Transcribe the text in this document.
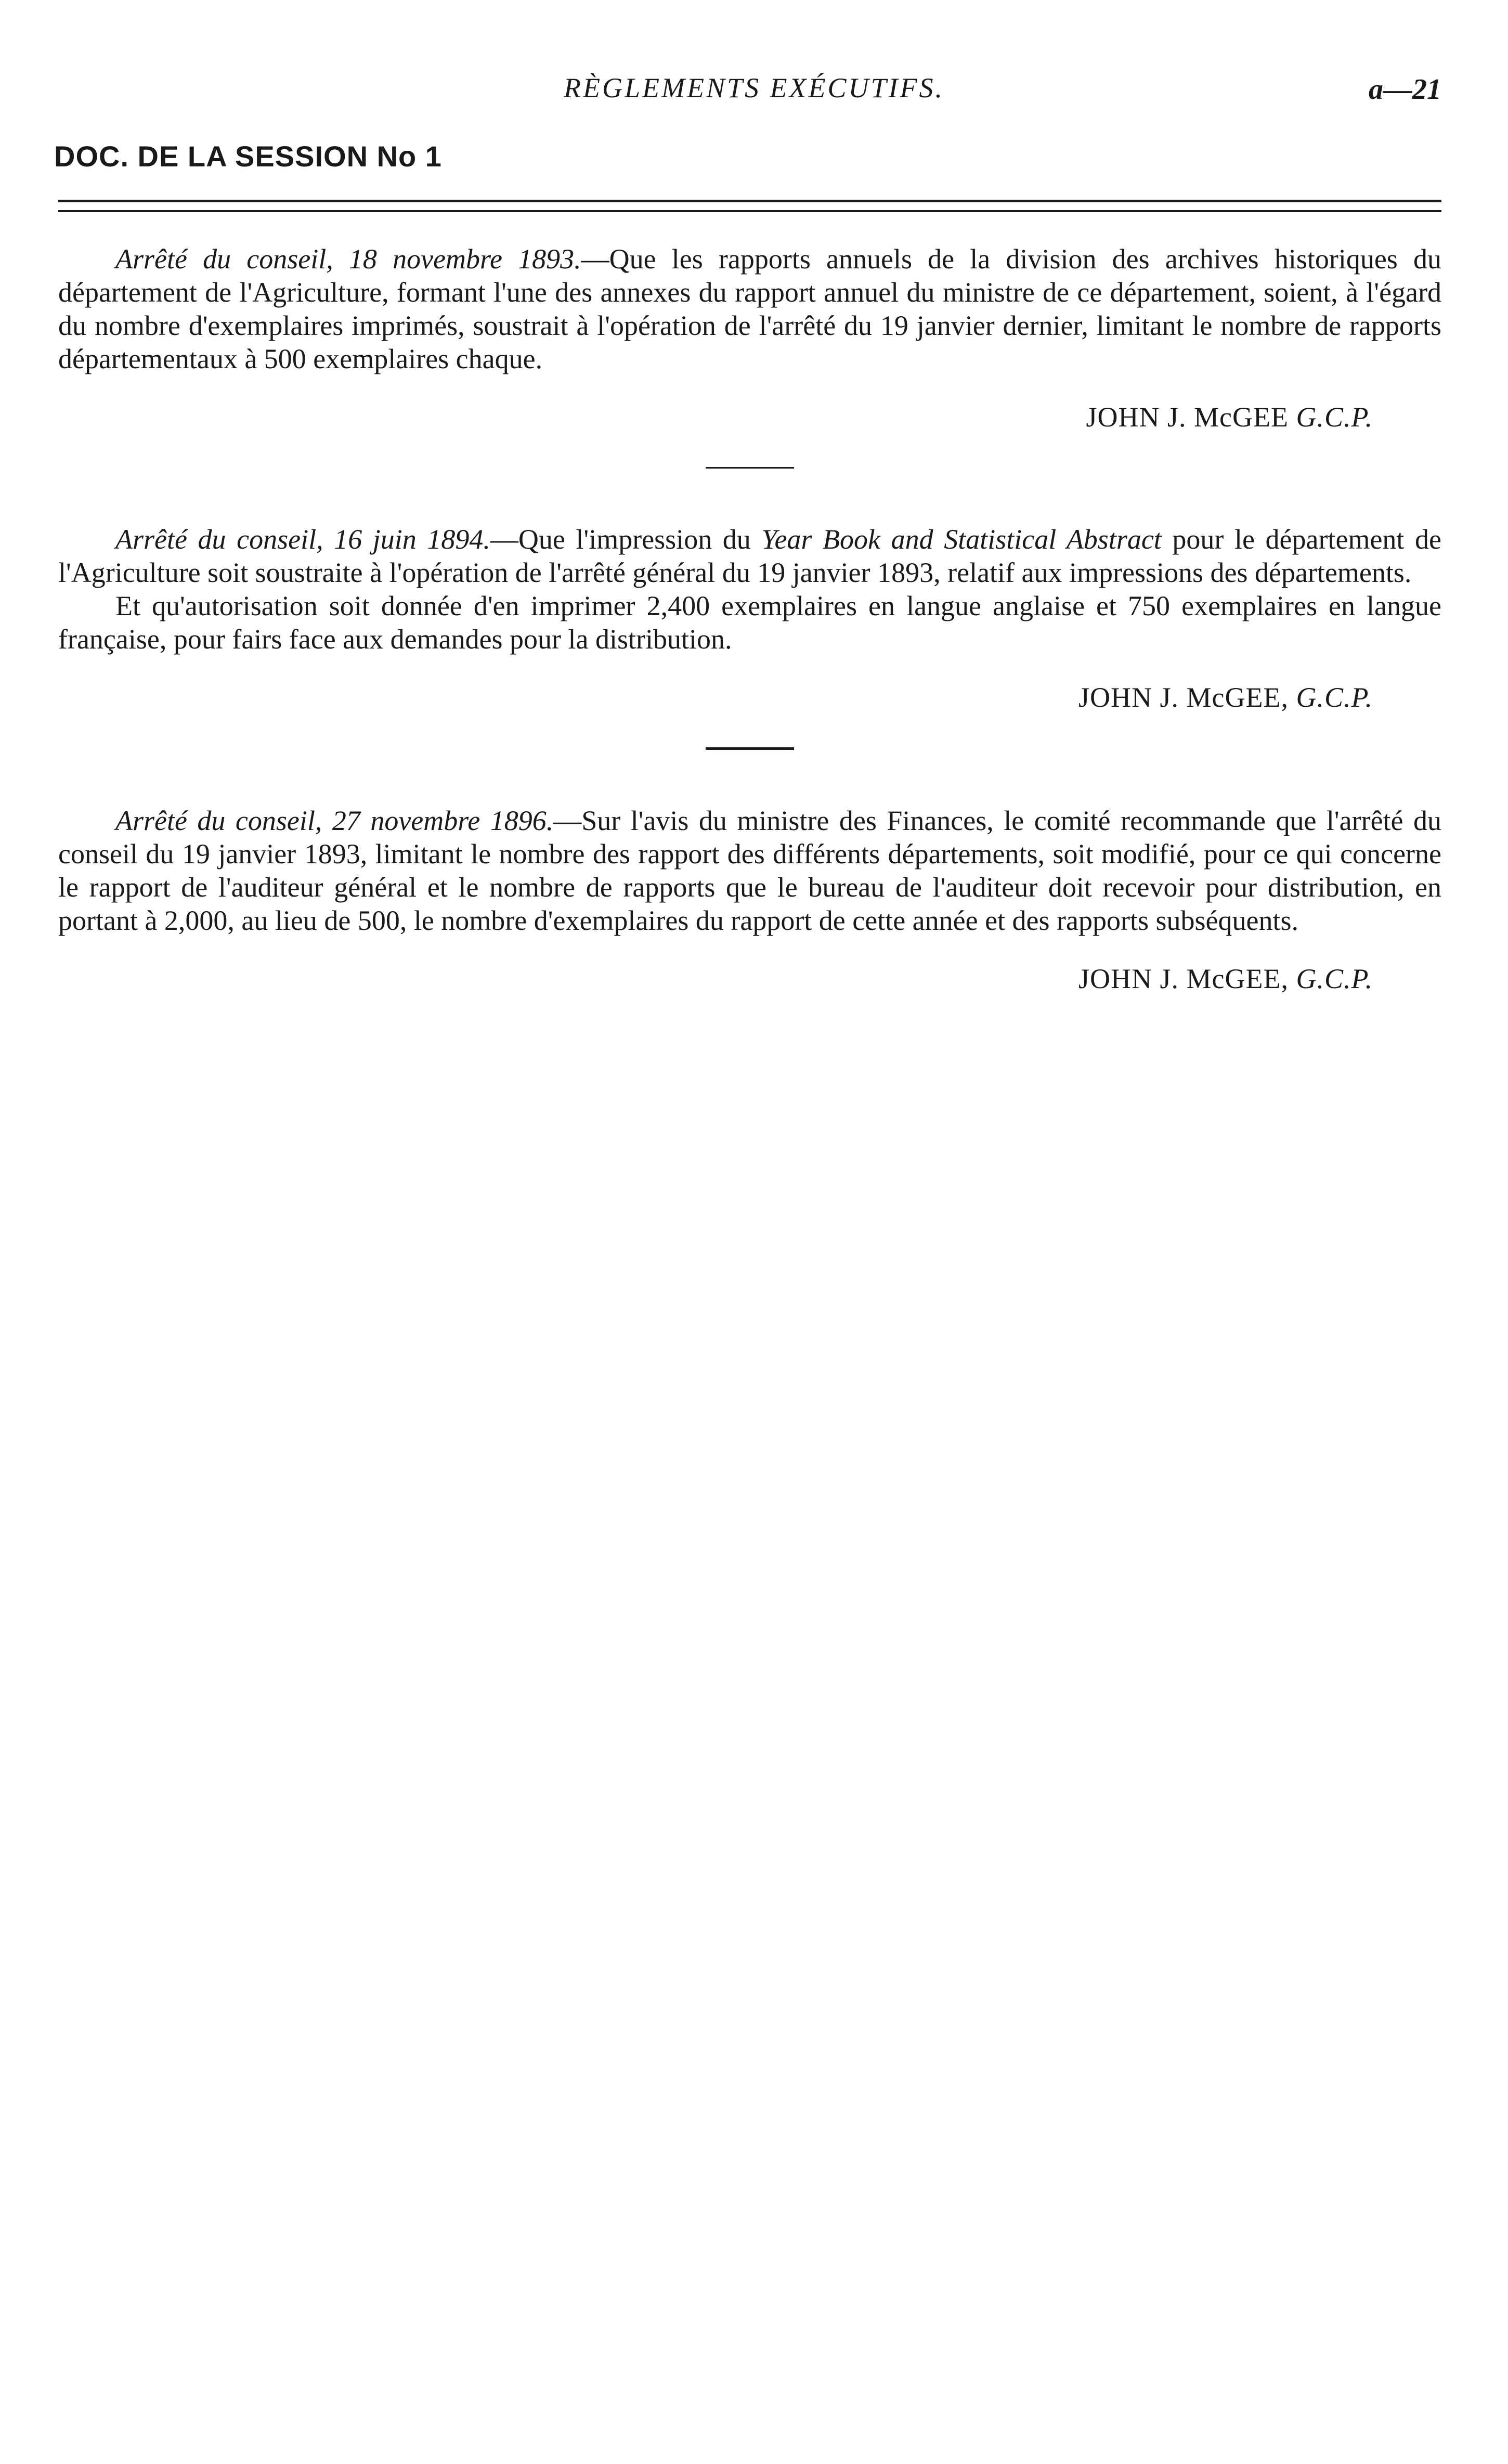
RÈGLEMENTS EXÉCUTIFS.	a—21
DOC. DE LA SESSION No 1

Arrêté du conseil, 18 novembre 1893.—Que les rapports annuels de la division des archives historiques du département de l'Agriculture, formant l'une des annexes du rapport annuel du ministre de ce département, soient, à l'égard du nombre d'exemplaires imprimés, soustrait à l'opération de l'arrêté du 19 janvier dernier, limitant le nombre de rapports départementaux à 500 exemplaires chaque.

JOHN J. McGEE G.C.P.

Arrêté du conseil, 16 juin 1894.—Que l'impression du Year Book and Statistical Abstract pour le département de l'Agriculture soit soustraite à l'opération de l'arrêté général du 19 janvier 1893, relatif aux impressions des départements.

Et qu'autorisation soit donnée d'en imprimer 2,400 exemplaires en langue anglaise et 750 exemplaires en langue française, pour fairs face aux demandes pour la distribution.

JOHN J. McGEE, G.C.P.

Arrêté du conseil, 27 novembre 1896.—Sur l'avis du ministre des Finances, le comité recommande que l'arrêté du conseil du 19 janvier 1893, limitant le nombre des rapport des différents départements, soit modifié, pour ce qui concerne le rapport de l'auditeur général et le nombre de rapports que le bureau de l'auditeur doit recevoir pour distribution, en portant à 2,000, au lieu de 500, le nombre d'exemplaires du rapport de cette année et des rapports subséquents.

JOHN J. McGEE, G.C.P.
